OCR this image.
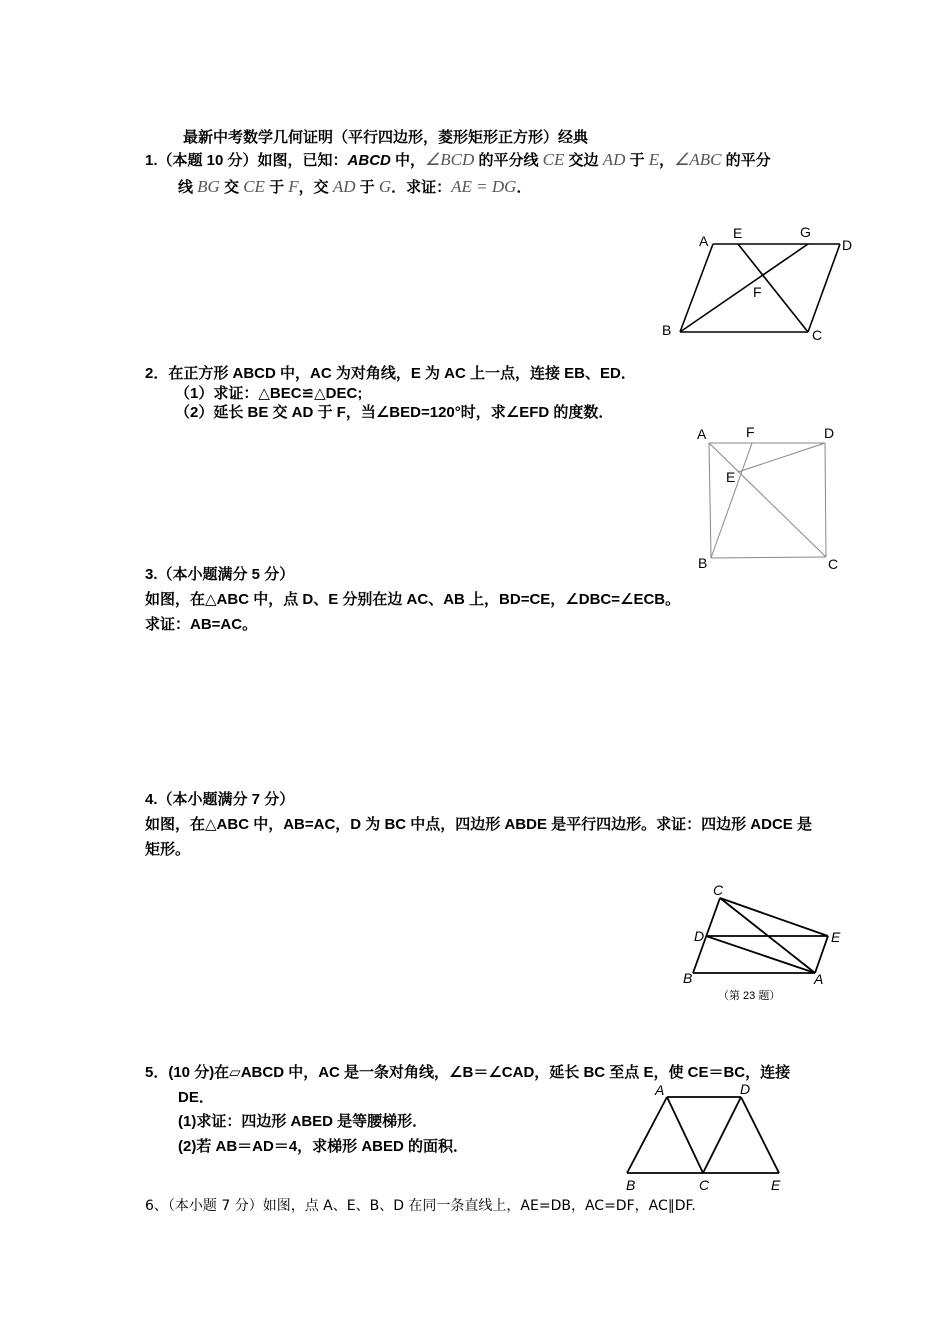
最新中考数学几何证明（平行四边形，菱形矩形正方形）经典
1.（本题 10 分）如图，已知：ABCD 中，∠BCD 的平分线 CE 交边 AD 于 E，∠ABC 的平分
线 BG 交 CE 于 F，交 AD 于 G．求证：AE = DG．
A E	G
D
F
B	C
2．在正方形 ABCD 中，AC 为对角线，E 为 AC 上一点，连接 EB、ED．
（1）求证：△BEC≌△DEC;
（2）延长 BE 交 AD 于 F，当∠BED=120°时，求∠EFD 的度数．
A	F	D
E
B	C
3.（本小题满分 5 分）
如图，在△ABC 中，点 D、E 分别在边 AC、AB 上，BD=CE，∠DBC=∠ECB。
求证：AB=AC。
4.（本小题满分 7 分）
如图，在△ABC 中，AB=AC，D 为 BC 中点，四边形 ABDE 是平行四边形。求证：四边形 ADCE 是
矩形。
C
D	E
B	A
（第 23 题）
5．(10 分)在▱ABCD 中，AC 是一条对角线，∠B＝∠CAD，延长 BC 至点 E，使 CE＝BC，连接
DE．
(1)求证：四边形 ABED 是等腰梯形．
(2)若 AB＝AD＝4，求梯形 ABED 的面积．
A	D
B	C	E
6、（本小题 7 分）如图，点 A、E、B、D 在同一条直线上，AE=DB，AC=DF，AC∥DF.
